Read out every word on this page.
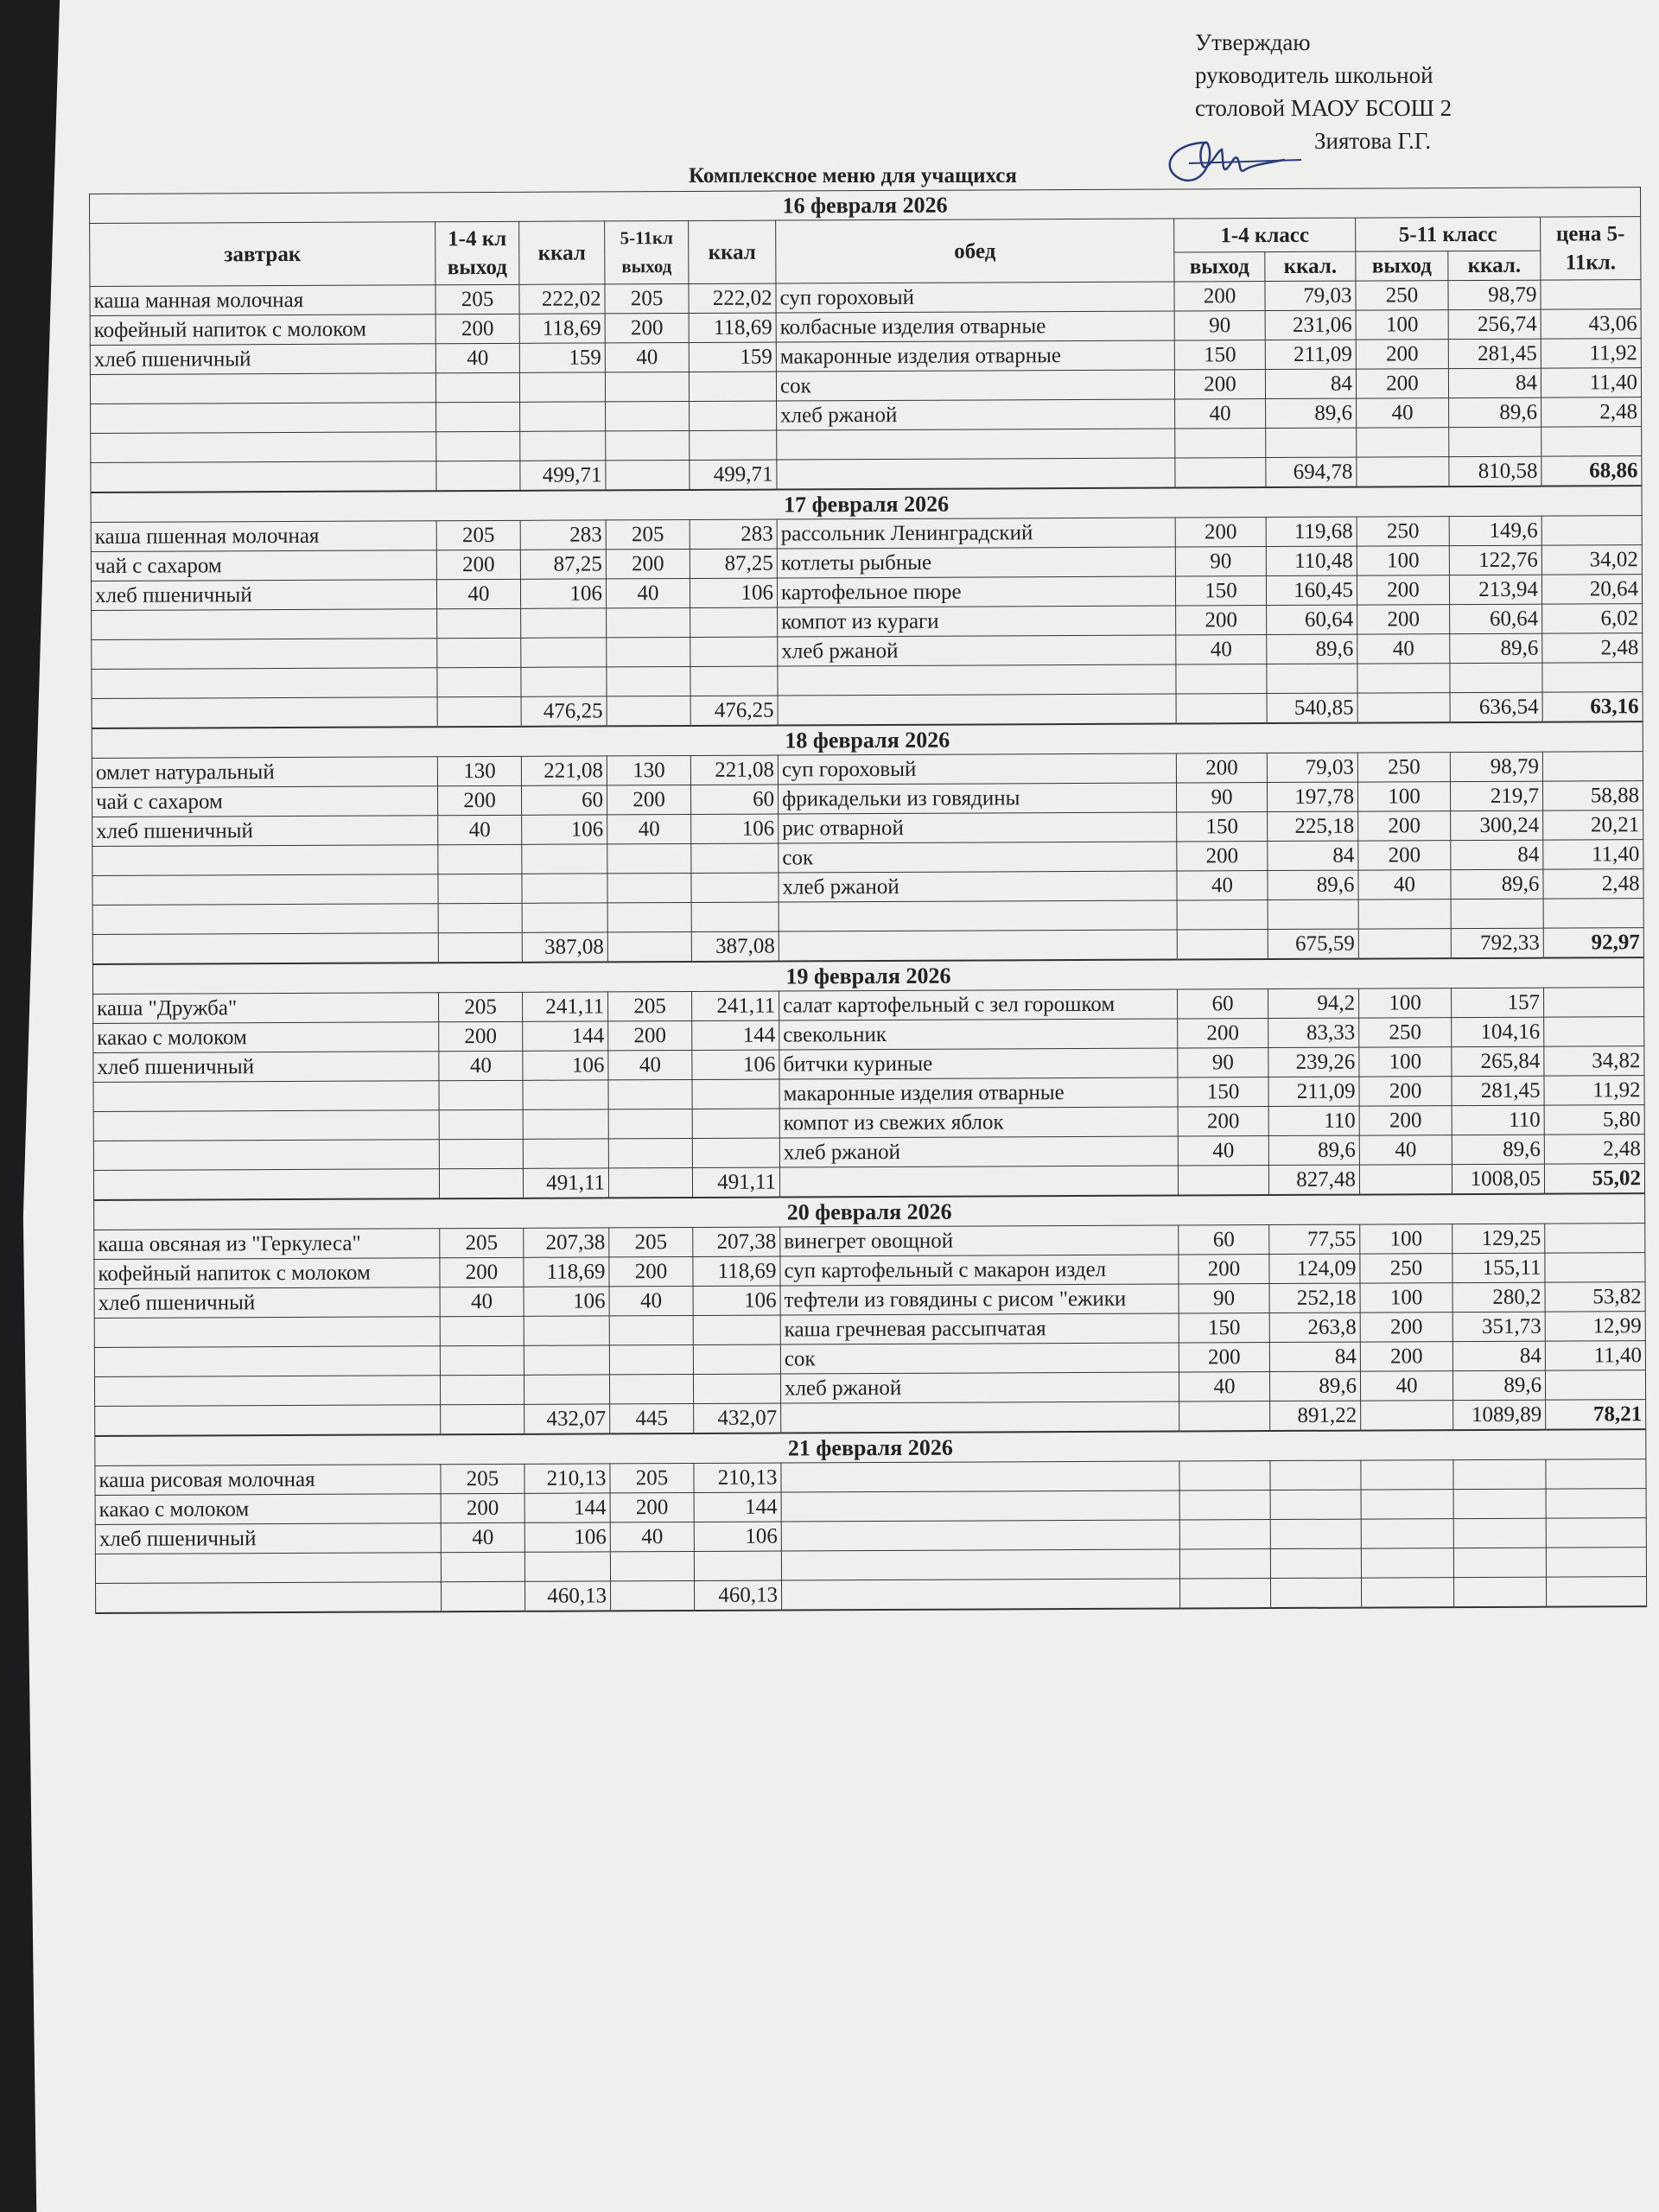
Утверждаю
руководитель школьной
столовой МАОУ БСОШ 2
Зиятова Г.Г.
Комплексное меню для учащихся
16 февраля 2026										
завтрак	1-4 кл выход	ккал	5-11кл выход	ккал	обед	1-4 класс		5-11 класс		цена 5-11кл.
						выход	ккал.	выход	ккал.	
каша манная молочная	205	222,02	205	222,02	суп гороховый	200	79,03	250	98,79	
кофейный напиток с молоком	200	118,69	200	118,69	колбасные изделия отварные	90	231,06	100	256,74	43,06
хлеб пшеничный	40	159	40	159	макаронные изделия отварные	150	211,09	200	281,45	11,92
					сок	200	84	200	84	11,40
					хлеб ржаной	40	89,6	40	89,6	2,48

		499,71		499,71			694,78		810,58	68,86
17 февраля 2026										
каша пшенная молочная	205	283	205	283	рассольник Ленинградский	200	119,68	250	149,6	
чай с сахаром	200	87,25	200	87,25	котлеты рыбные	90	110,48	100	122,76	34,02
хлеб пшеничный	40	106	40	106	картофельное пюре	150	160,45	200	213,94	20,64
					компот из кураги	200	60,64	200	60,64	6,02
					хлеб ржаной	40	89,6	40	89,6	2,48

		476,25		476,25			540,85		636,54	63,16
18 февраля 2026										
омлет натуральный	130	221,08	130	221,08	суп гороховый	200	79,03	250	98,79	
чай с сахаром	200	60	200	60	фрикадельки из говядины	90	197,78	100	219,7	58,88
хлеб пшеничный	40	106	40	106	рис отварной	150	225,18	200	300,24	20,21
					сок	200	84	200	84	11,40
					хлеб ржаной	40	89,6	40	89,6	2,48

		387,08		387,08			675,59		792,33	92,97
19 февраля 2026										
каша "Дружба"	205	241,11	205	241,11	салат картофельный с зел горошком	60	94,2	100	157	
какао с молоком	200	144	200	144	свекольник	200	83,33	250	104,16	
хлеб пшеничный	40	106	40	106	битчки куриные	90	239,26	100	265,84	34,82
					макаронные изделия отварные	150	211,09	200	281,45	11,92
					компот из свежих яблок	200	110	200	110	5,80
					хлеб ржаной	40	89,6	40	89,6	2,48
		491,11		491,11			827,48		1008,05	55,02
20 февраля 2026										
каша овсяная из "Геркулеса"	205	207,38	205	207,38	винегрет овощной	60	77,55	100	129,25	
кофейный напиток с молоком	200	118,69	200	118,69	суп картофельный с макарон издел	200	124,09	250	155,11	
хлеб пшеничный	40	106	40	106	тефтели из говядины с рисом "ежики	90	252,18	100	280,2	53,82
					каша гречневая рассыпчатая	150	263,8	200	351,73	12,99
					сок	200	84	200	84	11,40
					хлеб ржаной	40	89,6	40	89,6	
		432,07	445	432,07			891,22		1089,89	78,21
21 февраля 2026										
каша рисовая молочная	205	210,13	205	210,13						
какао с молоком	200	144	200	144						
хлеб пшеничный	40	106	40	106						

		460,13		460,13						
